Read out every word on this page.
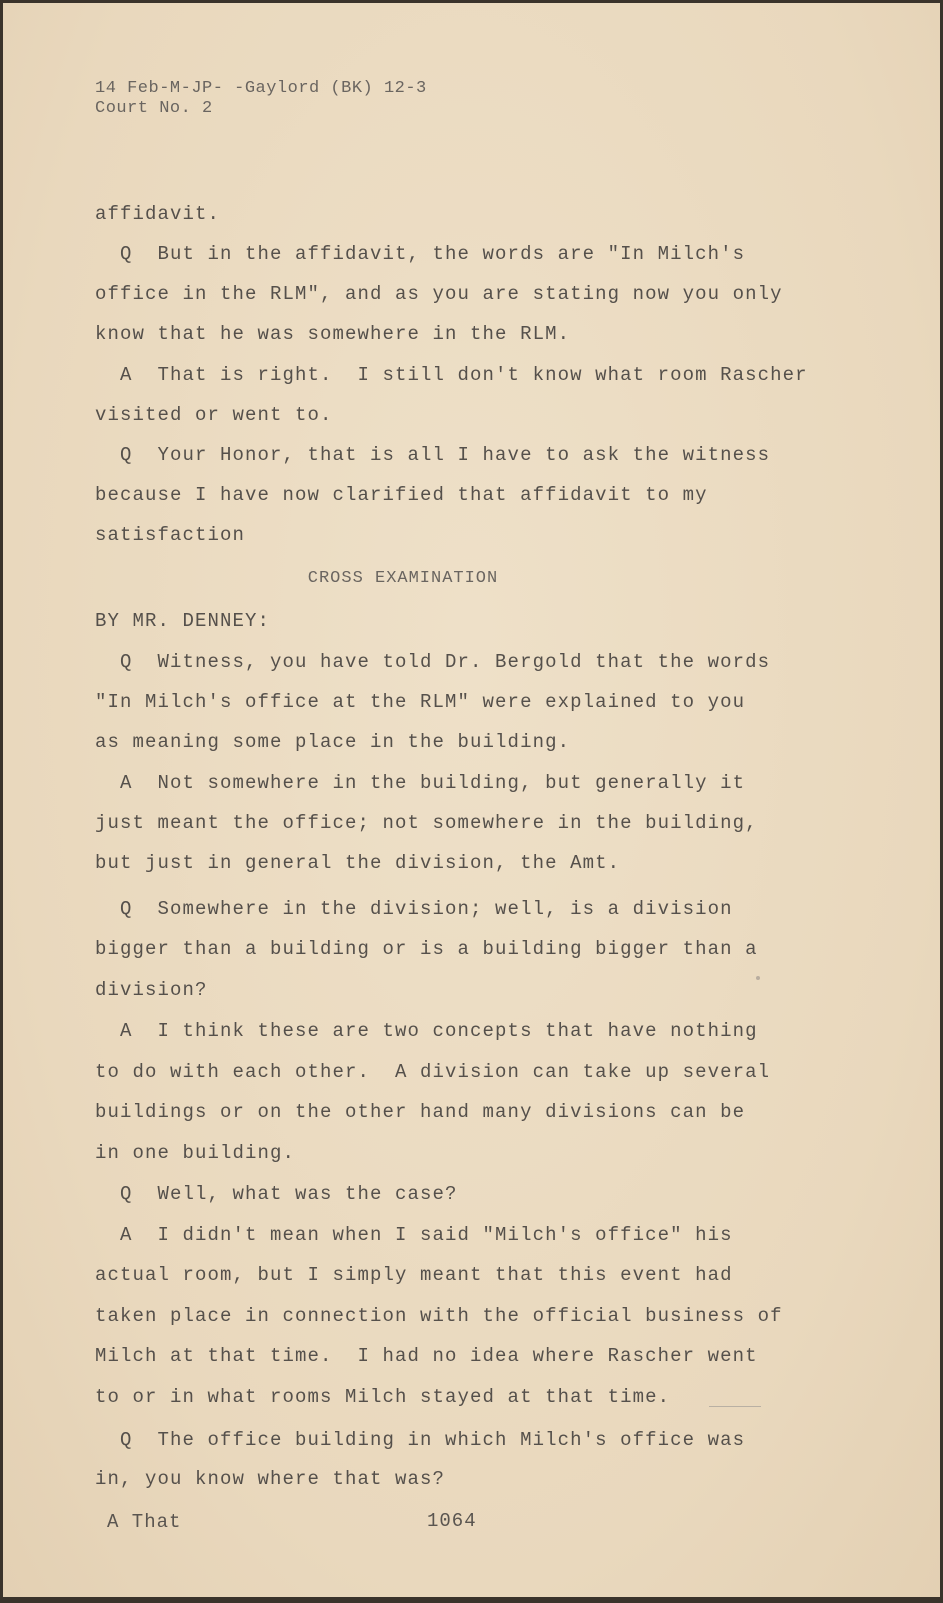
14 Feb-M-JP- -Gaylord (BK) 12-3
Court No. 2
affidavit.
Q  But in the affidavit, the words are "In Milch's
office in the RLM", and as you are stating now you only
know that he was somewhere in the RLM.
A  That is right.  I still don't know what room Rascher
visited or went to.
Q  Your Honor, that is all I have to ask the witness
because I have now clarified that affidavit to my
satisfaction
CROSS EXAMINATION
BY MR. DENNEY:
Q  Witness, you have told Dr. Bergold that the words
"In Milch's office at the RLM" were explained to you
as meaning some place in the building.
A  Not somewhere in the building, but generally it
just meant the office; not somewhere in the building,
but just in general the division, the Amt.
Q  Somewhere in the division; well, is a division
bigger than a building or is a building bigger than a
division?
A  I think these are two concepts that have nothing
to do with each other.  A division can take up several
buildings or on the other hand many divisions can be
in one building.
Q  Well, what was the case?
A  I didn't mean when I said "Milch's office" his
actual room, but I simply meant that this event had
taken place in connection with the official business of
Milch at that time.  I had no idea where Rascher went
to or in what rooms Milch stayed at that time.
Q  The office building in which Milch's office was
in, you know where that was?
A That	1064
